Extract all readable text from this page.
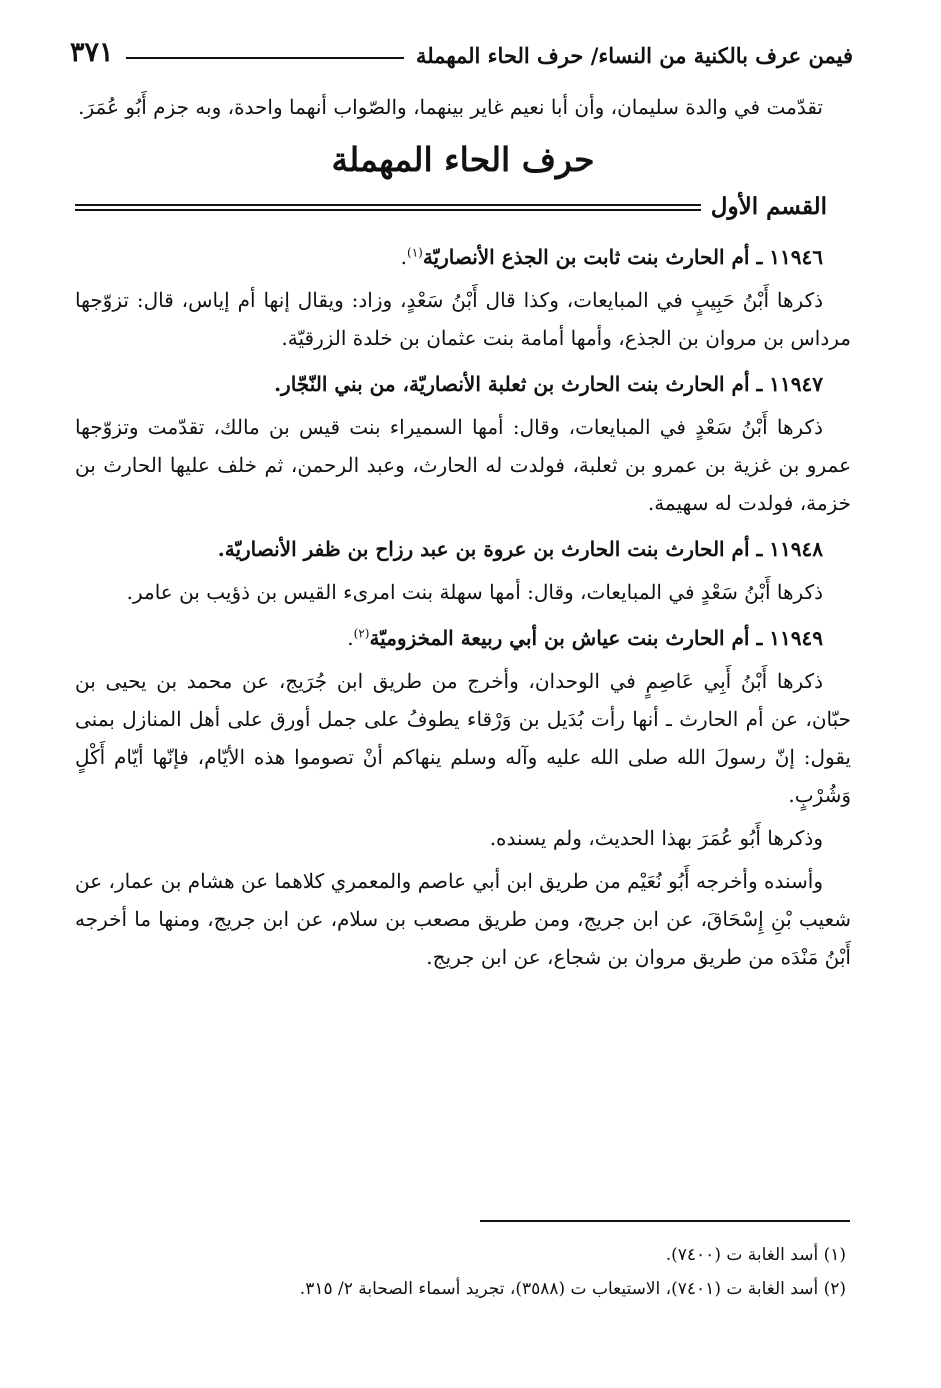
فيمن عرف بالكنية من النساء/ حرف الحاء المهملة
٣٧١

تقدّمت في والدة سليمان، وأن أبا نعيم غاير بينهما، والصّواب أنهما واحدة، وبه جزم أَبُو عُمَرَ.

حرف الحاء المهملة
القسم الأول

١١٩٤٦ ـ أم الحارث بنت ثابت بن الجذع الأنصاريّة$^{(١)}$.

ذكرها أَبْنُ حَبِيبٍ في المبايعات، وكذا قال أَبْنُ سَعْدٍ، وزاد: ويقال إنها أم إياس، قال: تزوّجها مرداس بن مروان بن الجذع، وأمها أمامة بنت عثمان بن خلدة الزرقيّة.

١١٩٤٧ ـ أم الحارث بنت الحارث بن ثعلبة الأنصاريّة، من بني النّجّار.

ذكرها أَبْنُ سَعْدٍ في المبايعات، وقال: أمها السميراء بنت قيس بن مالك، تقدّمت وتزوّجها عمرو بن غزية بن عمرو بن ثعلبة، فولدت له الحارث، وعبد الرحمن، ثم خلف عليها الحارث بن خزمة، فولدت له سهيمة.

١١٩٤٨ ـ أم الحارث بنت الحارث بن عروة بن عبد رزاح بن ظفر الأنصاريّة.

ذكرها أَبْنُ سَعْدٍ في المبايعات، وقال: أمها سهلة بنت امرىء القيس بن ذؤيب بن عامر.

١١٩٤٩ ـ أم الحارث بنت عياش بن أبي ربيعة المخزوميّة$^{(٢)}$.

ذكرها أَبْنُ أَبِي عَاصِمٍ في الوحدان، وأخرج من طريق ابن جُرَيج، عن محمد بن يحيى بن حبّان، عن أم الحارث ـ أنها رأت بُدَيل بن وَرْقاء يطوفُ على جمل أورق على أهل المنازل بمنى يقول: إنّ رسولَ الله صلى الله عليه وآله وسلم ينهاكم أنْ تصوموا هذه الأيّام، فإنّها أيّام أَكْلٍ وَشُرْبٍ.

وذكرها أَبُو عُمَرَ بهذا الحديث، ولم يسنده.

وأسنده وأخرجه أَبُو نُعَيْم من طريق ابن أبي عاصم والمعمري كلاهما عن هشام بن عمار، عن شعيب بْنِ إِسْحَاقَ، عن ابن جريج، ومن طريق مصعب بن سلام، عن ابن جريج، ومنها ما أخرجه أَبْنُ مَنْدَه من طريق مروان بن شجاع، عن ابن جريج.

(١) أسد الغابة ت (٧٤٠٠).

(٢) أسد الغابة ت (٧٤٠١)، الاستيعاب ت (٣٥٨٨)، تجريد أسماء الصحابة ٢/ ٣١٥.
